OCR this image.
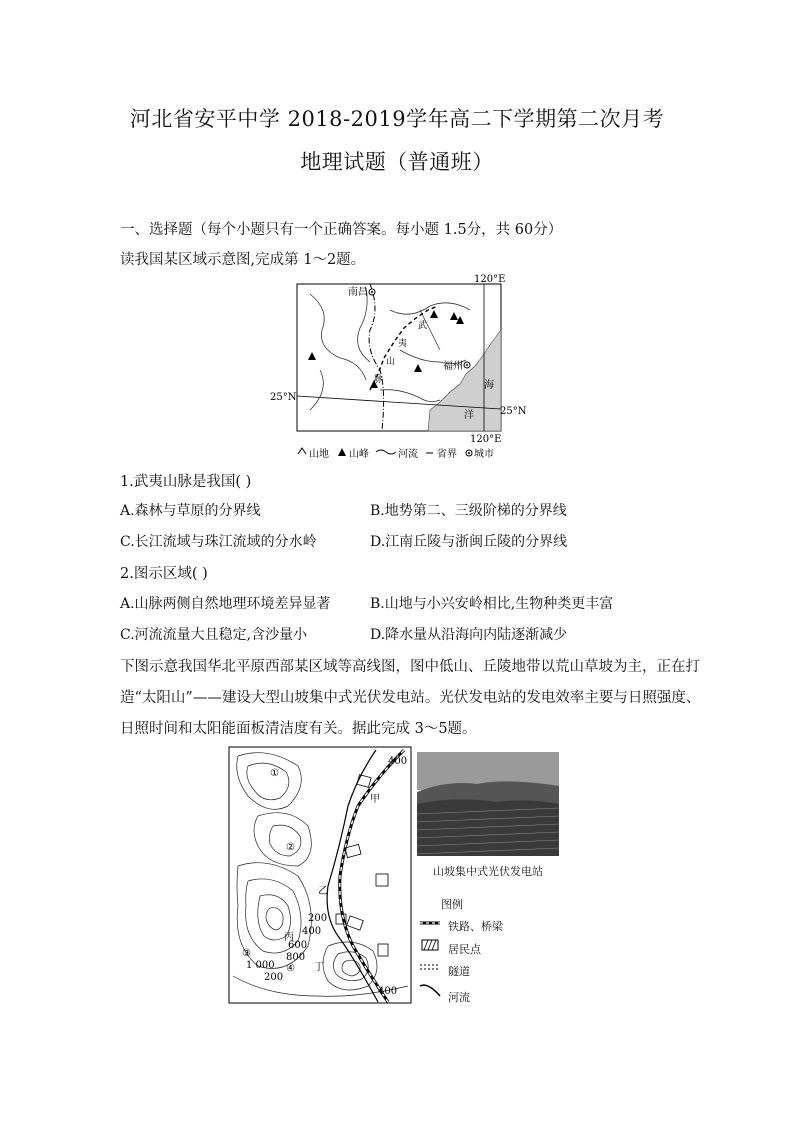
河北省安平中学 2018-2019学年高二下学期第二次月考
地理试题（普通班）
一、选择题（每个小题只有一个正确答案。每小题 1.5分，共 60分）
读我国某区域示意图,完成第 1～2题。
南昌
福州
120°E
120°E
25°N
25°N
海
洋
武
夷
山
脉
山地 山峰	河流 省界 城市
1.武夷山脉是我国( )
A.森林与草原的分界线	B.地势第二、三级阶梯的分界线
C.长江流域与珠江流域的分水岭	D.江南丘陵与浙闽丘陵的分界线
2.图示区域( )
A.山脉两侧自然地理环境差异显著	B.山地与小兴安岭相比,生物种类更丰富
C.河流流量大且稳定,含沙量小	D.降水量从沿海向内陆逐渐减少
下图示意我国华北平原西部某区域等高线图，图中低山、丘陵地带以荒山草坡为主，正在打
造“太阳山”——建设大型山坡集中式光伏发电站。光伏发电站的发电效率主要与日照强度、
日照时间和太阳能面板清洁度有关。据此完成 3～5题。
400
200
400
600
800
1 000
200
400
①
②
③
④
甲
乙
丙
丁
山坡集中式光伏发电站
图例
铁路、桥梁
居民点
隧道
河流
